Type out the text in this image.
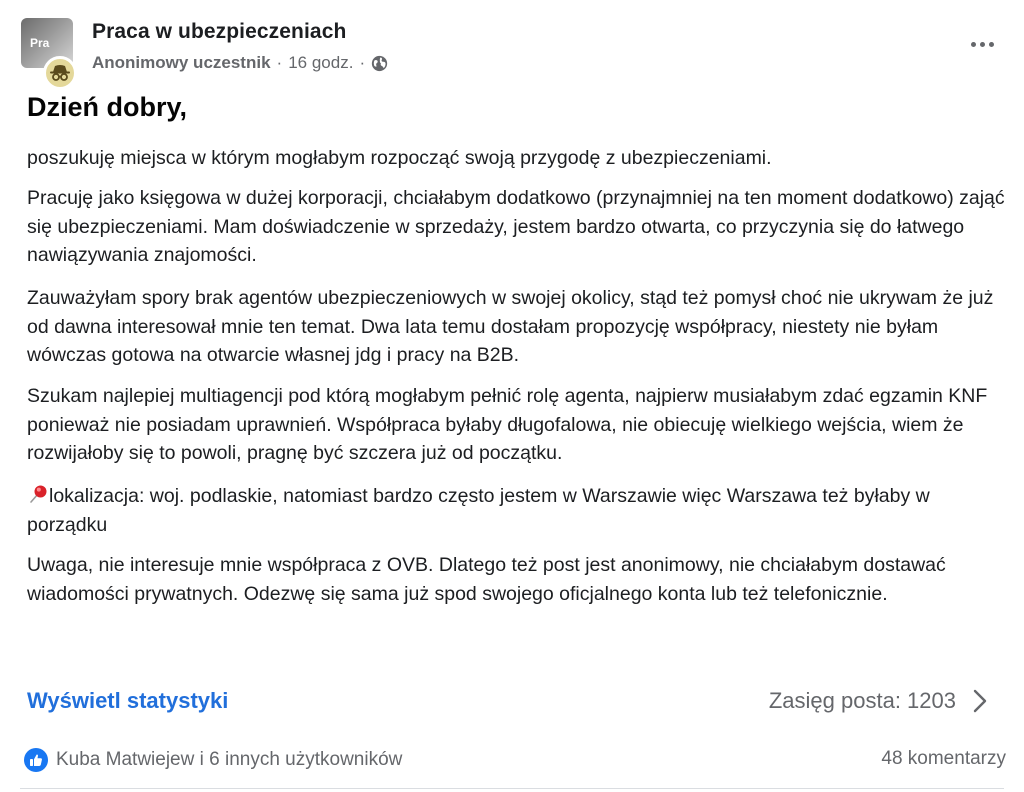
Pra Praca w ubezpieczeniach
Anonimowy uczestnik · 16 godz. ·
Dzień dobry,
poszukuję miejsca w którym mogłabym rozpocząć swoją przygodę z ubezpieczeniami.
Pracuję jako księgowa w dużej korporacji, chciałabym dodatkowo (przynajmniej na ten moment dodatkowo) zająć się ubezpieczeniami. Mam doświadczenie w sprzedaży, jestem bardzo otwarta, co przyczynia się do łatwego nawiązywania znajomości.
Zauważyłam spory brak agentów ubezpieczeniowych w swojej okolicy, stąd też pomysł choć nie ukrywam że już od dawna interesował mnie ten temat. Dwa lata temu dostałam propozycję współpracy, niestety nie byłam wówczas gotowa na otwarcie własnej jdg i pracy na B2B.
Szukam najlepiej multiagencji pod którą mogłabym pełnić rolę agenta, najpierw musiałabym zdać egzamin KNF ponieważ nie posiadam uprawnień. Współpraca byłaby długofalowa, nie obiecuję wielkiego wejścia, wiem że rozwijałoby się to powoli, pragnę być szczera już od początku.
lokalizacja: woj. podlaskie, natomiast bardzo często jestem w Warszawie więc Warszawa też byłaby w porządku
Uwaga, nie interesuje mnie współpraca z OVB. Dlatego też post jest anonimowy, nie chciałabym dostawać wiadomości prywatnych. Odezwę się sama już spod swojego oficjalnego konta lub też telefonicznie.
Wyświetl statystyki	Zasięg posta: 1203
Kuba Matwiejew i 6 innych użytkowników	48 komentarzy
